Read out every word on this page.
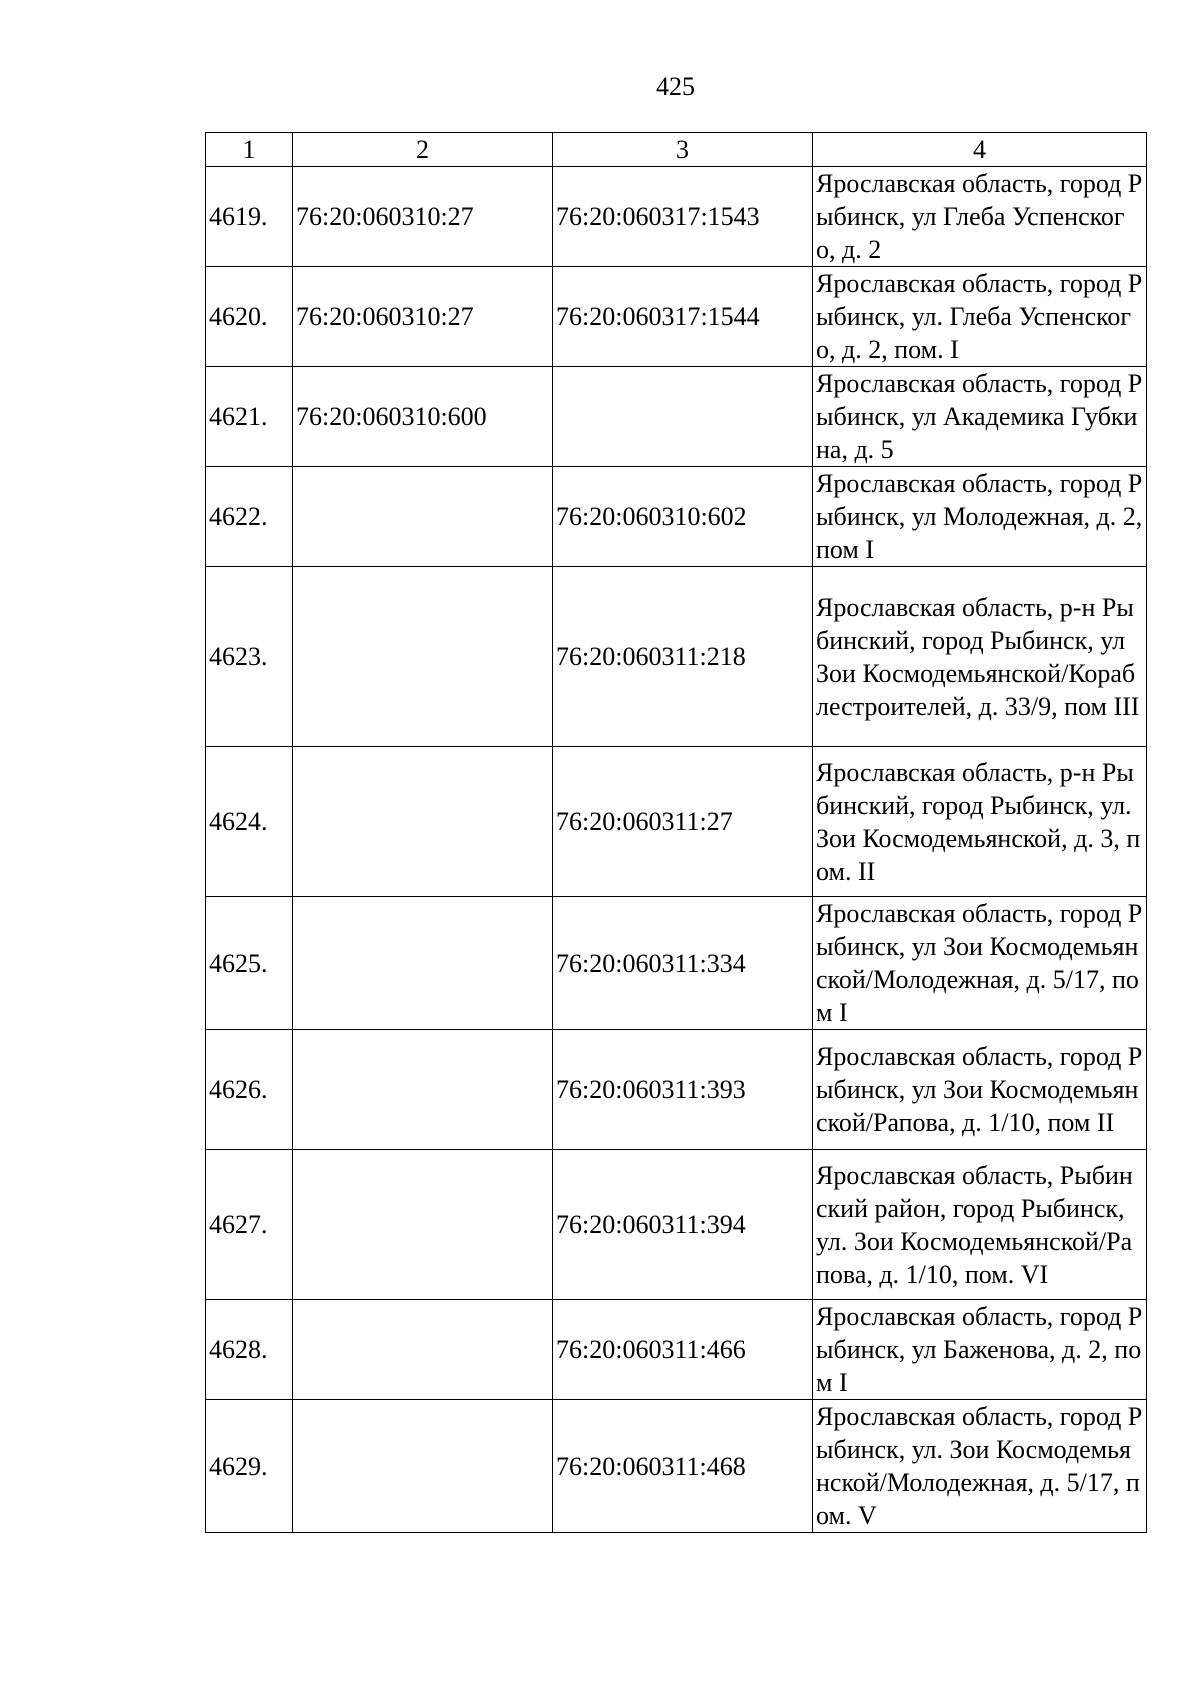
425
1	2	3	4
4619.	76:20:060310:27	76:20:060317:1543	Ярославская область, город Рыбинск, ул Глеба Успенского, д. 2
4620.	76:20:060310:27	76:20:060317:1544	Ярославская область, город Рыбинск, ул. Глеба Успенского, д. 2, пом. I
4621.	76:20:060310:600		Ярославская область, город Рыбинск, ул Академика Губкина, д. 5
4622.		76:20:060310:602	Ярославская область, город Рыбинск, ул Молодежная, д. 2, пом I
4623.		76:20:060311:218	Ярославская область, р-н Рыбинский, город Рыбинск, ул Зои Космодемьянской/Кораблестроителей, д. 33/9, пом III
4624.		76:20:060311:27	Ярославская область, р-н Рыбинский, город Рыбинск, ул. Зои Космодемьянской, д. 3, пом. II
4625.		76:20:060311:334	Ярославская область, город Рыбинск, ул Зои Космодемьянской/Молодежная, д. 5/17, пом I
4626.		76:20:060311:393	Ярославская область, город Рыбинск, ул Зои Космодемьянской/Рапова, д. 1/10, пом II
4627.		76:20:060311:394	Ярославская область, Рыбинский район, город Рыбинск, ул. Зои Космодемьянской/Рапова, д. 1/10, пом. VI
4628.		76:20:060311:466	Ярославская область, город Рыбинск, ул Баженова, д. 2, пом I
4629.		76:20:060311:468	Ярославская область, город Рыбинск, ул. Зои Космодемьянской/Молодежная, д. 5/17, пом. V
